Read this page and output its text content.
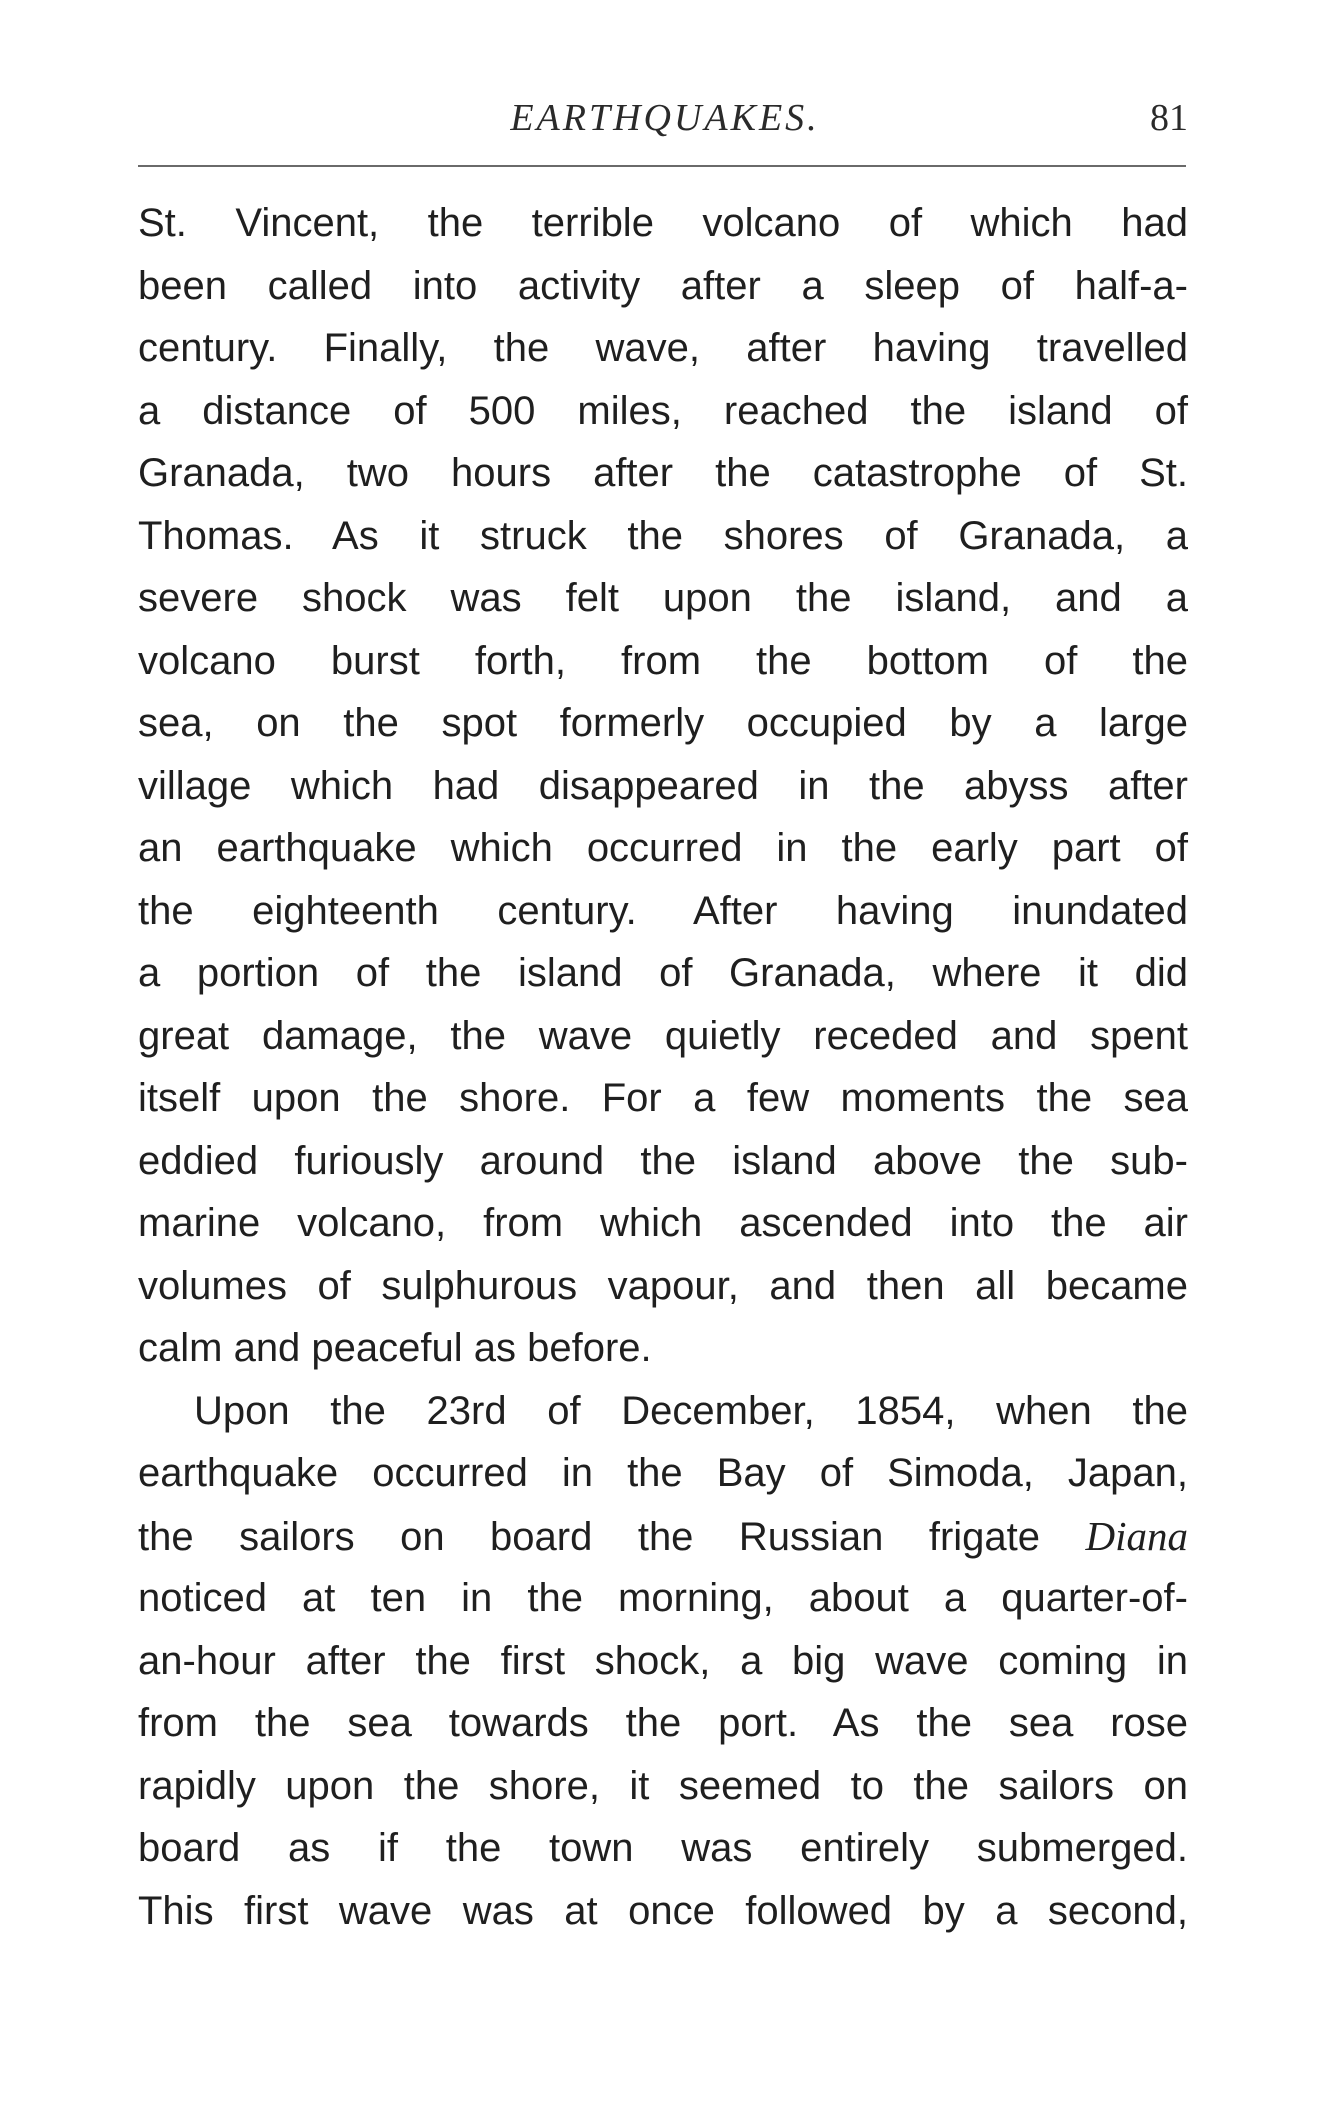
EARTHQUAKES.	81
St. Vincent, the terrible volcano of which had
been called into activity after a sleep of half-a-
century. Finally, the wave, after having travelled
a distance of 500 miles, reached the island of
Granada, two hours after the catastrophe of St.
Thomas. As it struck the shores of Granada, a
severe shock was felt upon the island, and a
volcano burst forth, from the bottom of the
sea, on the spot formerly occupied by a large
village which had disappeared in the abyss after
an earthquake which occurred in the early part of
the eighteenth century. After having inundated
a portion of the island of Granada, where it did
great damage, the wave quietly receded and spent
itself upon the shore. For a few moments the sea
eddied furiously around the island above the sub-
marine volcano, from which ascended into the air
volumes of sulphurous vapour, and then all became
calm and peaceful as before.
Upon the 23rd of December, 1854, when the
earthquake occurred in the Bay of Simoda, Japan,
the sailors on board the Russian frigate Diana
noticed at ten in the morning, about a quarter-of-
an-hour after the first shock, a big wave coming in
from the sea towards the port. As the sea rose
rapidly upon the shore, it seemed to the sailors on
board as if the town was entirely submerged.
This first wave was at once followed by a second,
